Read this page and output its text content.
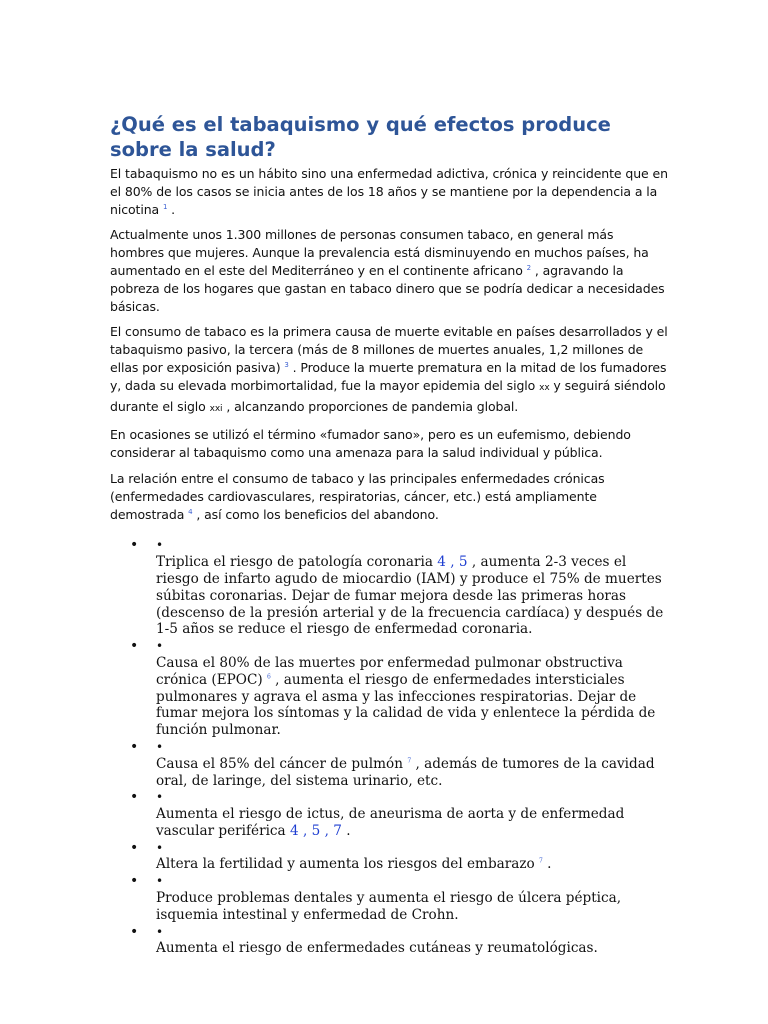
¿Qué es el tabaquismo y qué efectos produce sobre la salud?

El tabaquismo no es un hábito sino una enfermedad adictiva, crónica y reincidente que en el 80% de los casos se inicia antes de los 18 años y se mantiene por la dependencia a la nicotina $^1$ .

Actualmente unos 1.300 millones de personas consumen tabaco, en general más hombres que mujeres. Aunque la prevalencia está disminuyendo en muchos países, ha aumentado en el este del Mediterráneo y en el continente africano $^2$ , agravando la pobreza de los hogares que gastan en tabaco dinero que se podría dedicar a necesidades básicas.

El consumo de tabaco es la primera causa de muerte evitable en países desarrollados y el tabaquismo pasivo, la tercera (más de 8 millones de muertes anuales, 1,2 millones de ellas por exposición pasiva) $^3$ . Produce la muerte prematura en la mitad de los fumadores y, dada su elevada morbimortalidad, fue la mayor epidemia del siglo xx y seguirá siéndolo durante el siglo xxi , alcanzando proporciones de pandemia global.

En ocasiones se utilizó el término «fumador sano», pero es un eufemismo, debiendo considerar al tabaquismo como una amenaza para la salud individual y pública.

La relación entre el consumo de tabaco y las principales enfermedades crónicas (enfermedades cardiovasculares, respiratorias, cáncer, etc.) está ampliamente demostrada $^4$ , así como los beneficios del abandono.

• •
Triplica el riesgo de patología coronaria 4 , 5 , aumenta 2-3 veces el riesgo de infarto agudo de miocardio (IAM) y produce el 75% de muertes súbitas coronarias. Dejar de fumar mejora desde las primeras horas (descenso de la presión arterial y de la frecuencia cardíaca) y después de 1-5 años se reduce el riesgo de enfermedad coronaria.
• •
Causa el 80% de las muertes por enfermedad pulmonar obstructiva crónica (EPOC) $^6$ , aumenta el riesgo de enfermedades intersticiales pulmonares y agrava el asma y las infecciones respiratorias. Dejar de fumar mejora los síntomas y la calidad de vida y enlentece la pérdida de función pulmonar.
• •
Causa el 85% del cáncer de pulmón $^7$ , además de tumores de la cavidad oral, de laringe, del sistema urinario, etc.
• •
Aumenta el riesgo de ictus, de aneurisma de aorta y de enfermedad vascular periférica 4 , 5 , 7 .
• •
Altera la fertilidad y aumenta los riesgos del embarazo $^7$ .
• •
Produce problemas dentales y aumenta el riesgo de úlcera péptica, isquemia intestinal y enfermedad de Crohn.
• •
Aumenta el riesgo de enfermedades cutáneas y reumatológicas.
